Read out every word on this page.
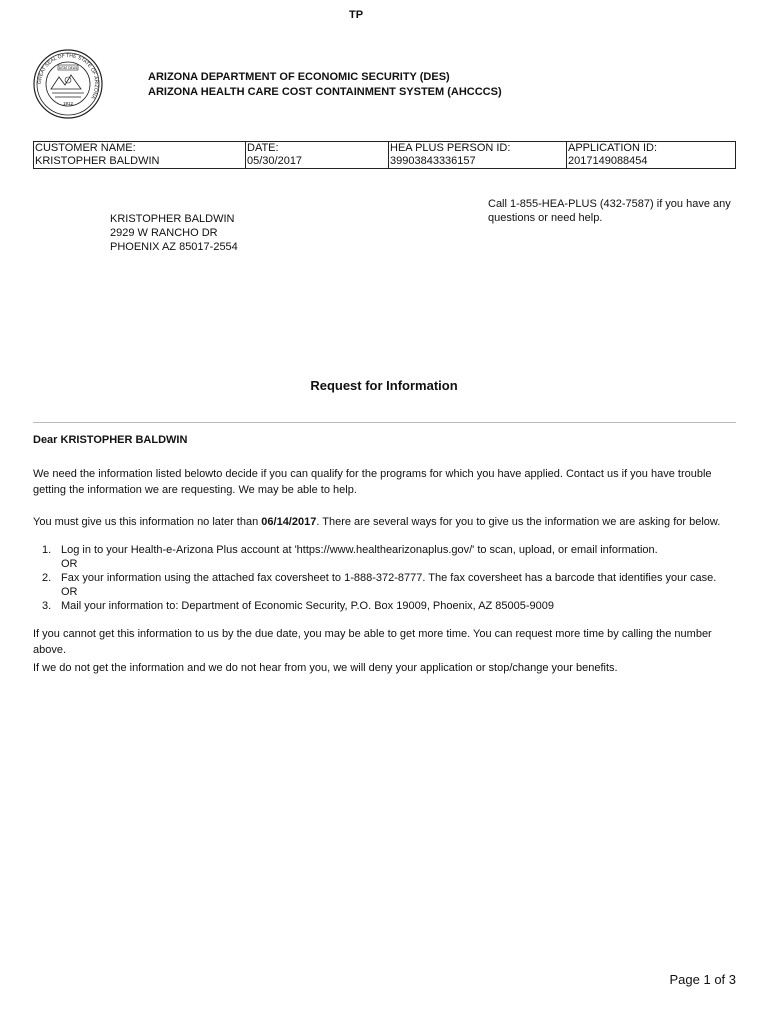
TP
GREAT SEAL OF THE STATE OF ARIZONA
DITAT DEUS
1912
ARIZONA DEPARTMENT OF ECONOMIC SECURITY (DES)
ARIZONA HEALTH CARE COST CONTAINMENT SYSTEM (AHCCCS)
CUSTOMER NAME:
KRISTOPHER BALDWIN

DATE:
05/30/2017

HEA PLUS PERSON ID:
39903843336157

APPLICATION ID:
2017149088454
Call 1-855-HEA-PLUS (432-7587) if you have any questions or need help.
KRISTOPHER BALDWIN
2929 W RANCHO DR
PHOENIX AZ 85017-2554
Request for Information
Dear KRISTOPHER BALDWIN
We need the information listed belowto decide if you can qualify for the programs for which you have applied. Contact us if you have trouble getting the information we are requesting. We may be able to help.
You must give us this information no later than 06/14/2017. There are several ways for you to give us the information we are asking for below.
1. Log in to your Health-e-Arizona Plus account at 'https://www.healthearizonaplus.gov/' to scan, upload, or email information.
OR
2. Fax your information using the attached fax coversheet to 1-888-372-8777. The fax coversheet has a barcode that identifies your case.
OR
3. Mail your information to: Department of Economic Security, P.O. Box 19009, Phoenix, AZ 85005-9009
If you cannot get this information to us by the due date, you may be able to get more time. You can request more time by calling the number above.
If we do not get the information and we do not hear from you, we will deny your application or stop/change your benefits.
Page 1 of 3
